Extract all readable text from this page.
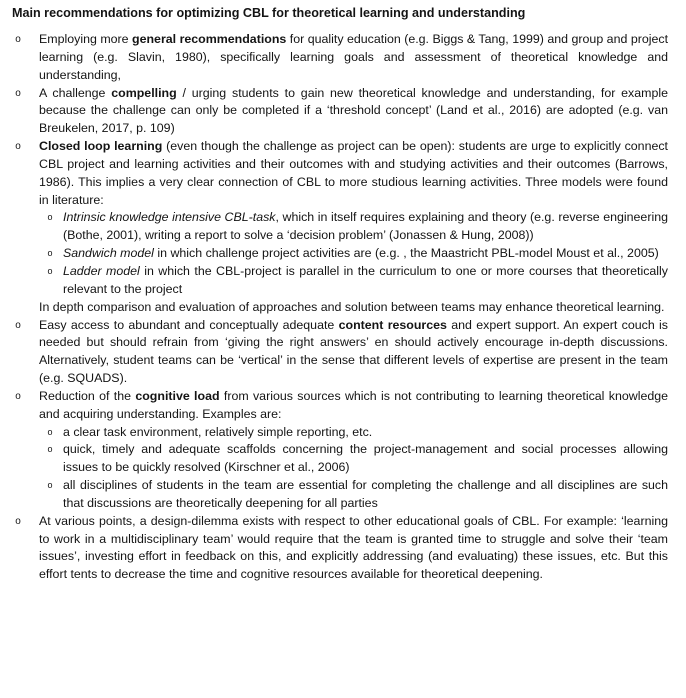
Main recommendations for optimizing CBL for theoretical learning and understanding
o Employing more general recommendations for quality education (e.g. Biggs & Tang, 1999) and group and project learning (e.g. Slavin, 1980), specifically learning goals and assessment of theoretical knowledge and understanding,
o A challenge compelling / urging students to gain new theoretical knowledge and understanding, for example because the challenge can only be completed if a ‘threshold concept’ (Land et al., 2016) are adopted (e.g. van Breukelen, 2017, p. 109)
o Closed loop learning (even though the challenge as project can be open): students are urge to explicitly connect CBL project and learning activities and their outcomes with and studying activities and their outcomes (Barrows, 1986). This implies a very clear connection of CBL to more studious learning activities. Three models were found in literature:
o Intrinsic knowledge intensive CBL-task, which in itself requires explaining and theory (e.g. reverse engineering (Bothe, 2001), writing a report to solve a ‘decision problem’ (Jonassen & Hung, 2008))
o Sandwich model in which challenge project activities are (e.g. , the Maastricht PBL-model Moust et al., 2005)
o Ladder model in which the CBL-project is parallel in the curriculum to one or more courses that theoretically relevant to the project
In depth comparison and evaluation of approaches and solution between teams may enhance theoretical learning.
o Easy access to abundant and conceptually adequate content resources and expert support. An expert couch is needed but should refrain from ‘giving the right answers’ en should actively encourage in-depth discussions. Alternatively, student teams can be ‘vertical’ in the sense that different levels of expertise are present in the team (e.g. SQUADS).
o Reduction of the cognitive load from various sources which is not contributing to learning theoretical knowledge and acquiring understanding. Examples are:
o a clear task environment, relatively simple reporting, etc.
o quick, timely and adequate scaffolds concerning the project-management and social processes allowing issues to be quickly resolved (Kirschner et al., 2006)
o all disciplines of students in the team are essential for completing the challenge and all disciplines are such that discussions are theoretically deepening for all parties
o At various points, a design-dilemma exists with respect to other educational goals of CBL. For example: ‘learning to work in a multidisciplinary team’ would require that the team is granted time to struggle and solve their ‘team issues’, investing effort in feedback on this, and explicitly addressing (and evaluating) these issues, etc. But this effort tents to decrease the time and cognitive resources available for theoretical deepening.
